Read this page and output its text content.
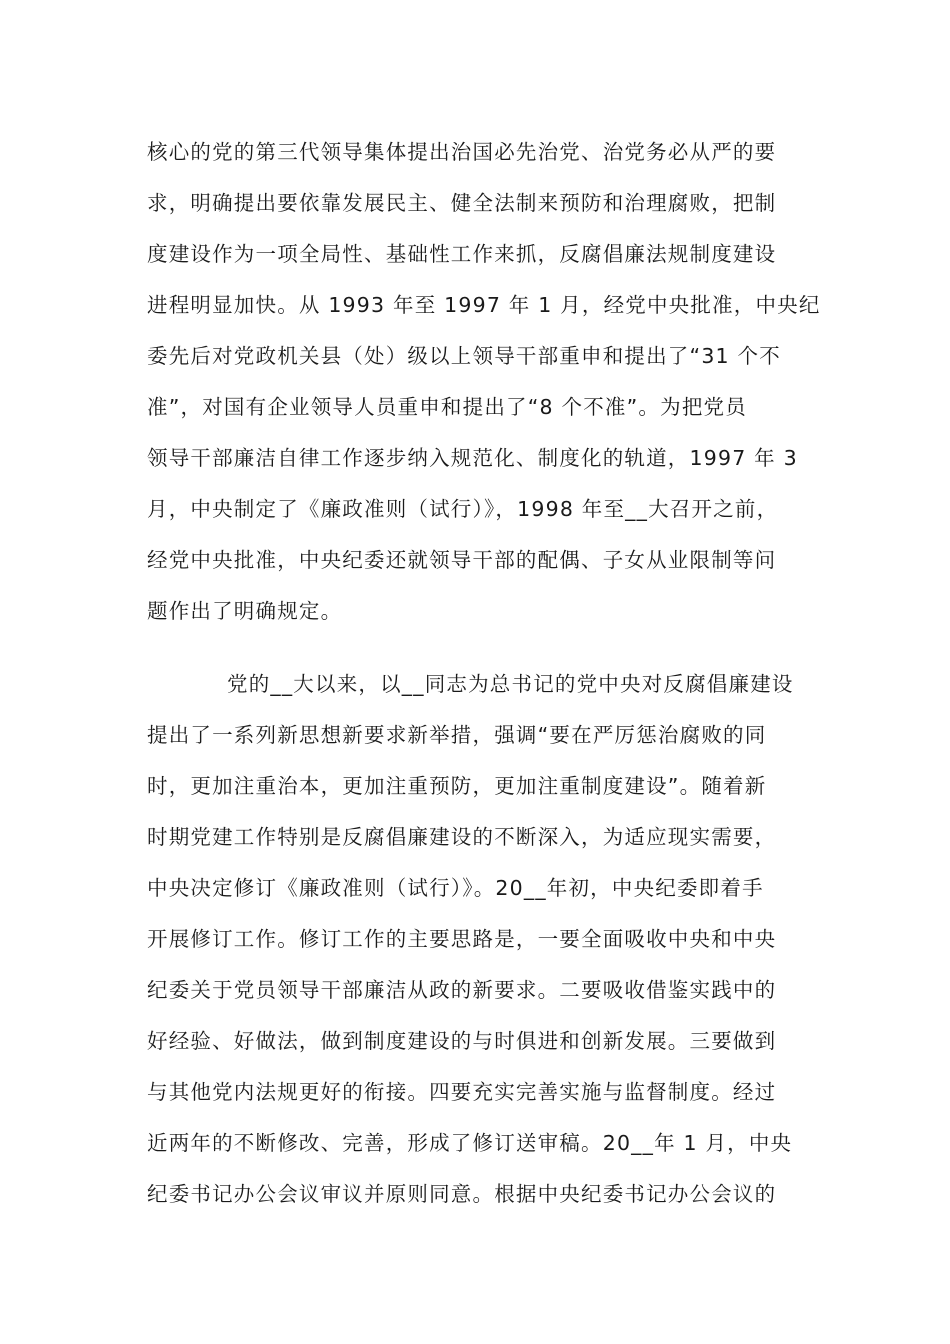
核心的党的第三代领导集体提出治国必先治党、治党务必从严的要
求，明确提出要依靠发展民主、健全法制来预防和治理腐败，把制
度建设作为一项全局性、基础性工作来抓，反腐倡廉法规制度建设
进程明显加快。从 1993 年至 1997 年 1 月，经党中央批准，中央纪
委先后对党政机关县（处）级以上领导干部重申和提出了“31 个不
准”，对国有企业领导人员重申和提出了“8 个不准”。为把党员
领导干部廉洁自律工作逐步纳入规范化、制度化的轨道，1997 年 3
月，中央制定了《廉政准则（试行）》，1998 年至__大召开之前，
经党中央批准，中央纪委还就领导干部的配偶、子女从业限制等问
题作出了明确规定。
党的__大以来，以__同志为总书记的党中央对反腐倡廉建设
提出了一系列新思想新要求新举措，强调“要在严厉惩治腐败的同
时，更加注重治本，更加注重预防，更加注重制度建设”。随着新
时期党建工作特别是反腐倡廉建设的不断深入，为适应现实需要，
中央决定修订《廉政准则（试行）》。20__年初，中央纪委即着手
开展修订工作。修订工作的主要思路是，一要全面吸收中央和中央
纪委关于党员领导干部廉洁从政的新要求。二要吸收借鉴实践中的
好经验、好做法，做到制度建设的与时俱进和创新发展。三要做到
与其他党内法规更好的衔接。四要充实完善实施与监督制度。经过
近两年的不断修改、完善，形成了修订送审稿。20__年 1 月，中央
纪委书记办公会议审议并原则同意。根据中央纪委书记办公会议的
